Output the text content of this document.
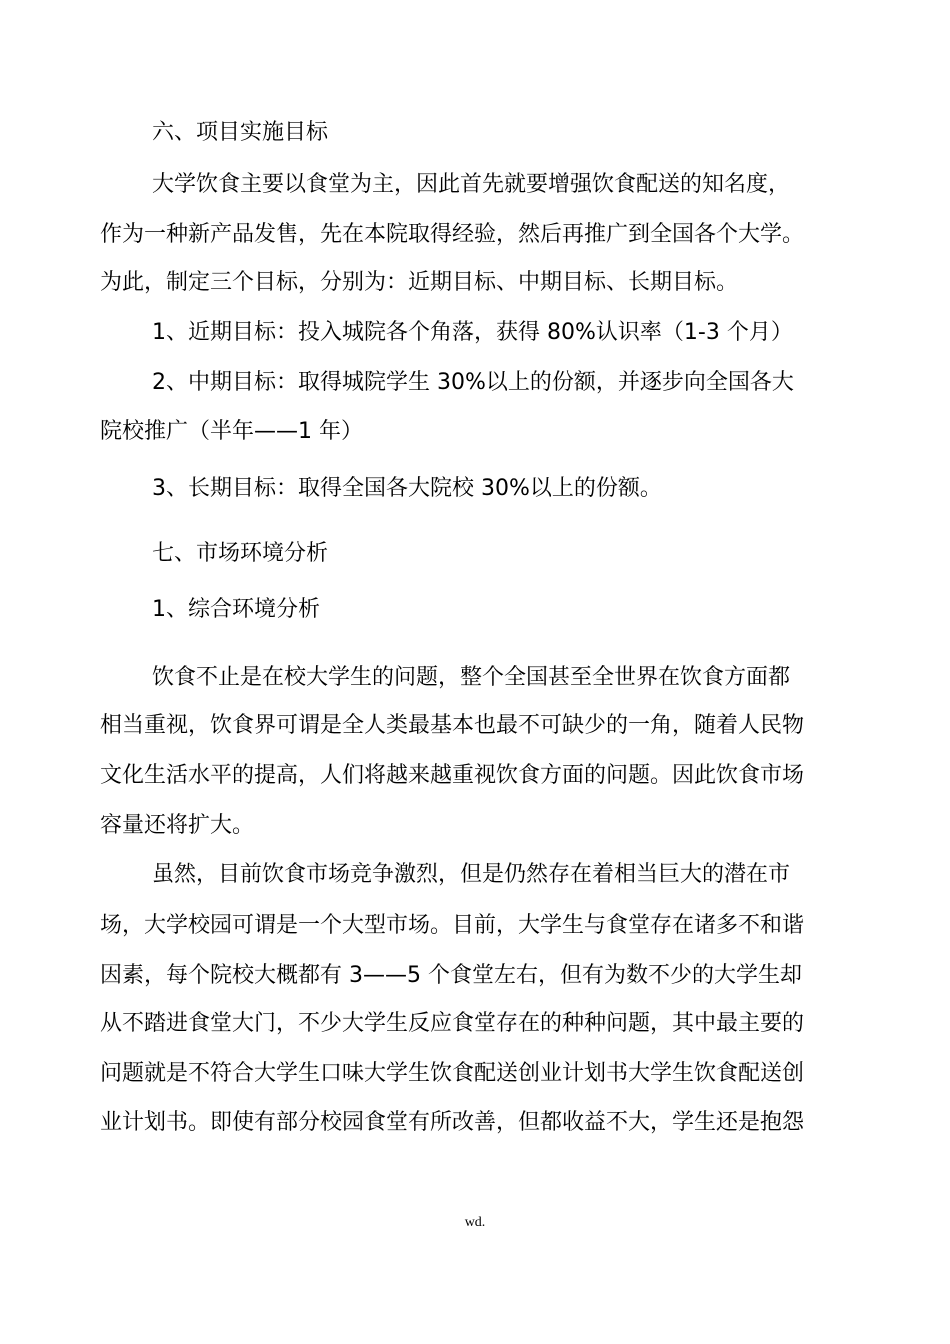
六、项目实施目标

大学饮食主要以食堂为主，因此首先就要增强饮食配送的知名度，

作为一种新产品发售，先在本院取得经验，然后再推广到全国各个大学。

为此，制定三个目标，分别为：近期目标、中期目标、长期目标。

1、近期目标：投入城院各个角落，获得 80%认识率（1-3 个月）

2、中期目标：取得城院学生 30%以上的份额，并逐步向全国各大

院校推广（半年——1 年）

3、长期目标：取得全国各大院校 30%以上的份额。

七、市场环境分析

1、综合环境分析

饮食不止是在校大学生的问题，整个全国甚至全世界在饮食方面都

相当重视，饮食界可谓是全人类最基本也最不可缺少的一角，随着人民物

文化生活水平的提高，人们将越来越重视饮食方面的问题。因此饮食市场

容量还将扩大。

虽然，目前饮食市场竞争激烈，但是仍然存在着相当巨大的潜在市

场，大学校园可谓是一个大型市场。目前，大学生与食堂存在诸多不和谐

因素，每个院校大概都有 3——5 个食堂左右，但有为数不少的大学生却

从不踏进食堂大门，不少大学生反应食堂存在的种种问题，其中最主要的

问题就是不符合大学生口味大学生饮食配送创业计划书大学生饮食配送创

业计划书。即使有部分校园食堂有所改善，但都收益不大，学生还是抱怨

wd.
